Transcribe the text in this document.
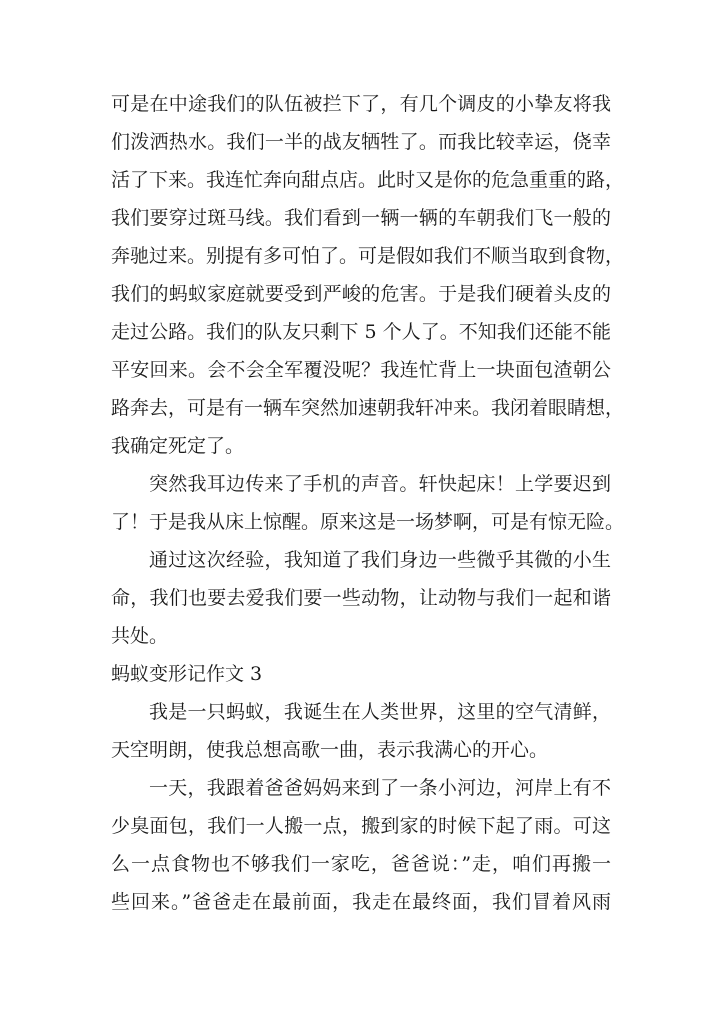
可是在中途我们的队伍被拦下了，有几个调皮的小挚友将我
们泼洒热水。我们一半的战友牺牲了。而我比较幸运，侥幸
活了下来。我连忙奔向甜点店。此时又是你的危急重重的路，
我们要穿过斑马线。我们看到一辆一辆的车朝我们飞一般的
奔驰过来。别提有多可怕了。可是假如我们不顺当取到食物，
我们的蚂蚁家庭就要受到严峻的危害。于是我们硬着头皮的
走过公路。我们的队友只剩下 5 个人了。不知我们还能不能
平安回来。会不会全军覆没呢？我连忙背上一块面包渣朝公
路奔去，可是有一辆车突然加速朝我轩冲来。我闭着眼睛想，
我确定死定了。
突然我耳边传来了手机的声音。轩快起床！上学要迟到
了！于是我从床上惊醒。原来这是一场梦啊，可是有惊无险。
通过这次经验，我知道了我们身边一些微乎其微的小生
命，我们也要去爱我们要一些动物，让动物与我们一起和谐
共处。
蚂蚁变形记作文 3
我是一只蚂蚁，我诞生在人类世界，这里的空气清鲜，
天空明朗，使我总想高歌一曲，表示我满心的开心。
一天，我跟着爸爸妈妈来到了一条小河边，河岸上有不
少臭面包，我们一人搬一点，搬到家的时候下起了雨。可这
么一点食物也不够我们一家吃，爸爸说：”走，咱们再搬一
些回来。”爸爸走在最前面，我走在最终面，我们冒着风雨
